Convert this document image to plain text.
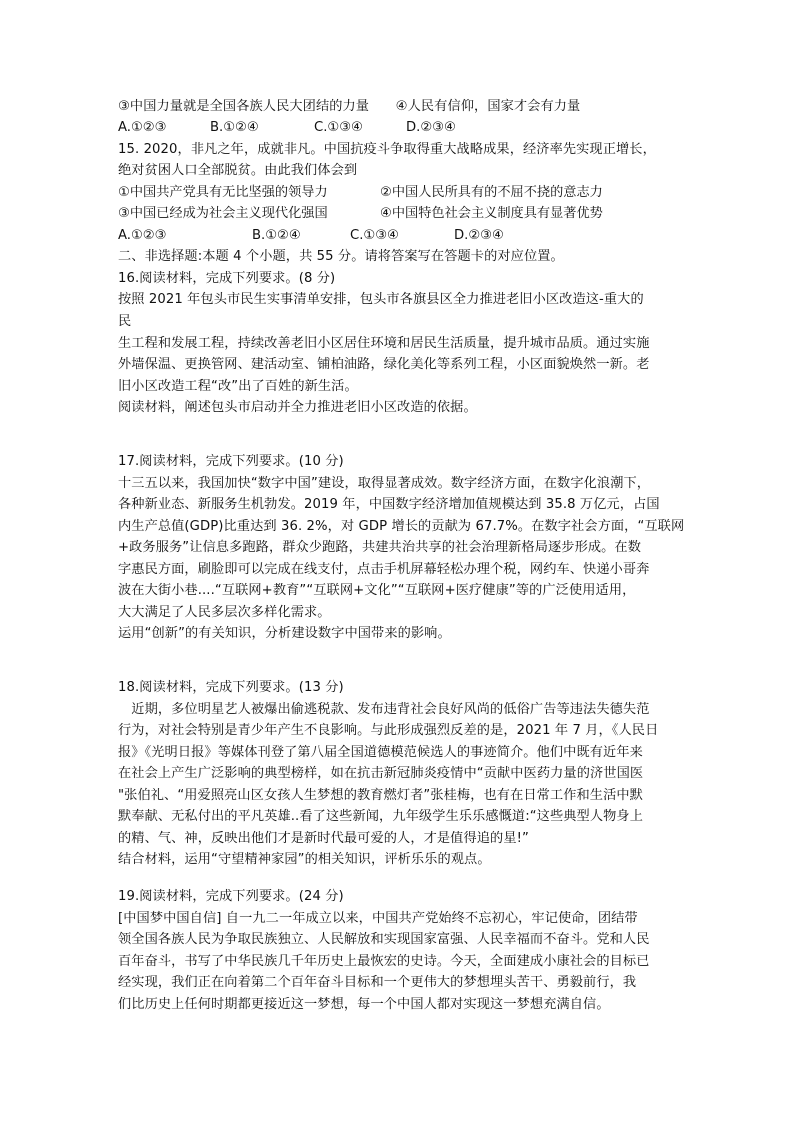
③中国力量就是全国各族人民大团结的力量　　④人民有信仰，国家才会有力量
A.①②③	B.①②④	C.①③④	D.②③④
15. 2020，非凡之年，成就非凡。中国抗疫斗争取得重大战略成果，经济率先实现正增长，
绝对贫困人口全部脱贫。由此我们体会到
①中国共产党具有无比坚强的领导力	②中国人民所具有的不屈不挠的意志力
③中国已经成为社会主义现代化强国	④中国特色社会主义制度具有显著优势
A.①②③	B.①②④	C.①③④	D.②③④
二、非选择题:本题 4 个小题，共 55 分。请将答案写在答题卡的对应位置。
16.阅读材料，完成下列要求。(8 分)
按照 2021 年包头市民生实事清单安排，包头市各旗县区全力推进老旧小区改造这-重大的
民
生工程和发展工程，持续改善老旧小区居住环境和居民生活质量，提升城市品质。通过实施
外墙保温、更换管网、建活动室、铺柏油路，绿化美化等系列工程，小区面貌焕然一新。老
旧小区改造工程“改”出了百姓的新生活。
阅读材料，阐述包头市启动并全力推进老旧小区改造的依据。
17.阅读材料，完成下列要求。(10 分)
十三五以来，我国加快“数字中国”建设，取得显著成效。数字经济方面，在数字化浪潮下，
各种新业态、新服务生机勃发。2019 年，中国数字经济增加值规模达到 35.8 万亿元，占国
内生产总值(GDP)比重达到 36. 2%，对 GDP 增长的贡献为 67.7%。在数字社会方面，“互联网
+政务服务”让信息多跑路，群众少跑路，共建共治共享的社会治理新格局逐步形成。在数
字惠民方面，刷脸即可以完成在线支付，点击手机屏幕轻松办理个税，网约车、快递小哥奔
波在大街小巷....“互联网+教育”“互联网+文化”“互联网+医疗健康”等的广泛使用适用，
大大满足了人民多层次多样化需求。
运用“创新”的有关知识，分析建设数字中国带来的影响。
18.阅读材料，完成下列要求。(13 分)
　近期，多位明星艺人被爆出偷逃税款、发布违背社会良好风尚的低俗广告等违法失德失范
行为，对社会特别是青少年产生不良影响。与此形成强烈反差的是，2021 年 7 月，《人民日
报》《光明日报》等媒体刊登了第八届全国道德模范候选人的事迹简介。他们中既有近年来
在社会上产生广泛影响的典型榜样，如在抗击新冠肺炎疫情中“贡献中医药力量的济世国医
"张伯礼、“用爱照亮山区女孩人生梦想的教育燃灯者”张桂梅，也有在日常工作和生活中默
默奉献、无私付出的平凡英雄..看了这些新闻，九年级学生乐乐感慨道:“这些典型人物身上
的精、气、神，反映出他们才是新时代最可爱的人，才是值得追的星!”
结合材料，运用“守望精神家园”的相关知识，评析乐乐的观点。
19.阅读材料，完成下列要求。(24 分)
[中国梦中国自信] 自一九二一年成立以来，中国共产党始终不忘初心，牢记使命，团结带
领全国各族人民为争取民族独立、人民解放和实现国家富强、人民幸福而不奋斗。党和人民
百年奋斗，书写了中华民族几千年历史上最恢宏的史诗。今天，全面建成小康社会的目标已
经实现，我们正在向着第二个百年奋斗目标和一个更伟大的梦想埋头苦干、勇毅前行，我
们比历史上任何时期都更接近这一梦想，每一个中国人都对实现这一梦想充满自信。
